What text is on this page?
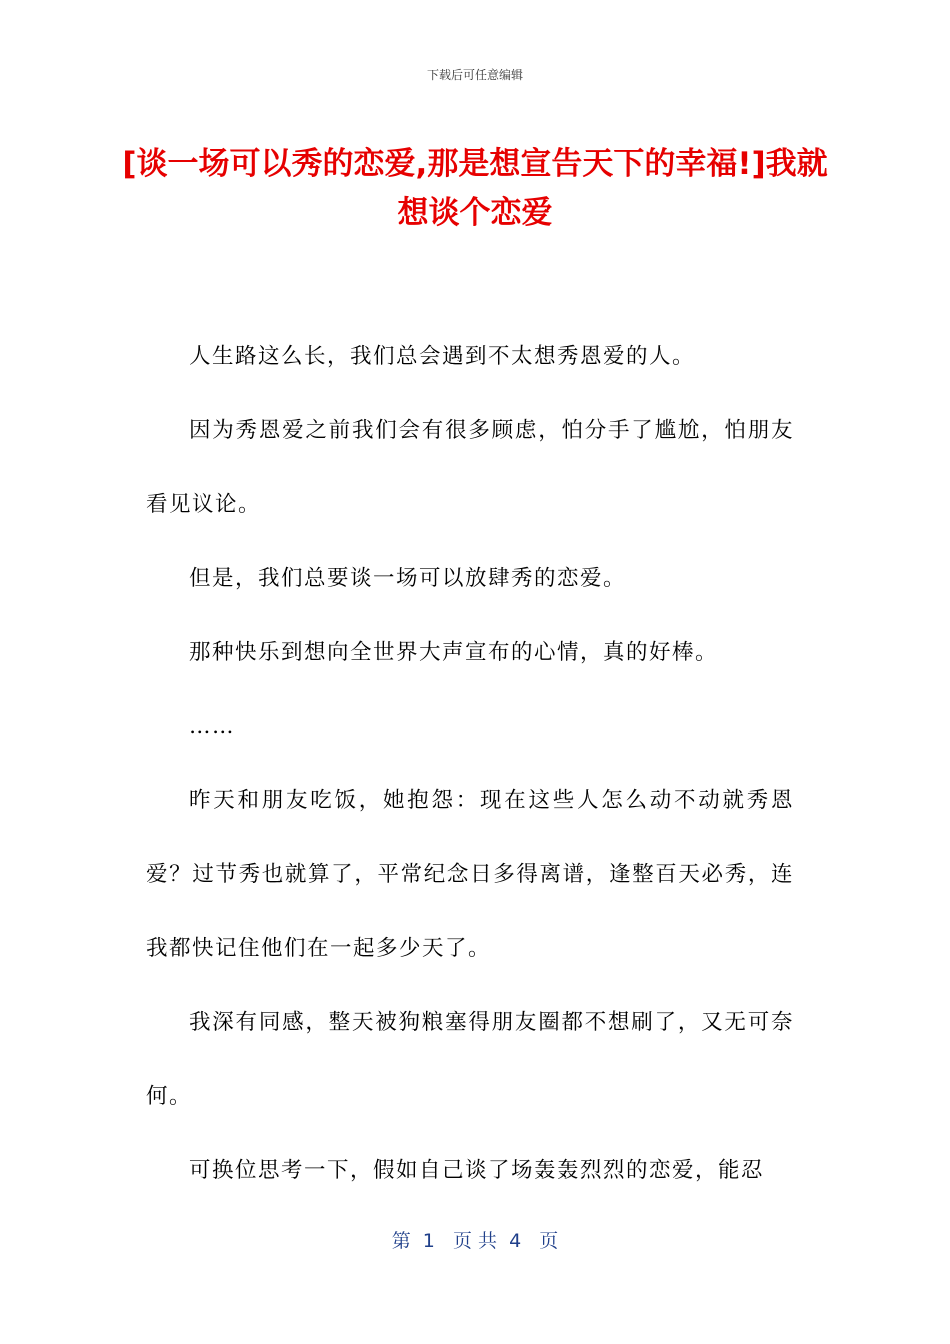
下载后可任意编辑
[谈一场可以秀的恋爱,那是想宣告天下的幸福!]我就想谈个恋爱

人生路这么长，我们总会遇到不太想秀恩爱的人。

因为秀恩爱之前我们会有很多顾虑，怕分手了尴尬，怕朋友看见议论。

但是，我们总要谈一场可以放肆秀的恋爱。

那种快乐到想向全世界大声宣布的心情，真的好棒。

……

昨天和朋友吃饭，她抱怨：现在这些人怎么动不动就秀恩爱？过节秀也就算了，平常纪念日多得离谱，逢整百天必秀，连我都快记住他们在一起多少天了。

我深有同感，整天被狗粮塞得朋友圈都不想刷了，又无可奈何。

可换位思考一下，假如自己谈了场轰轰烈烈的恋爱，能忍

第  1   页 共  4   页
